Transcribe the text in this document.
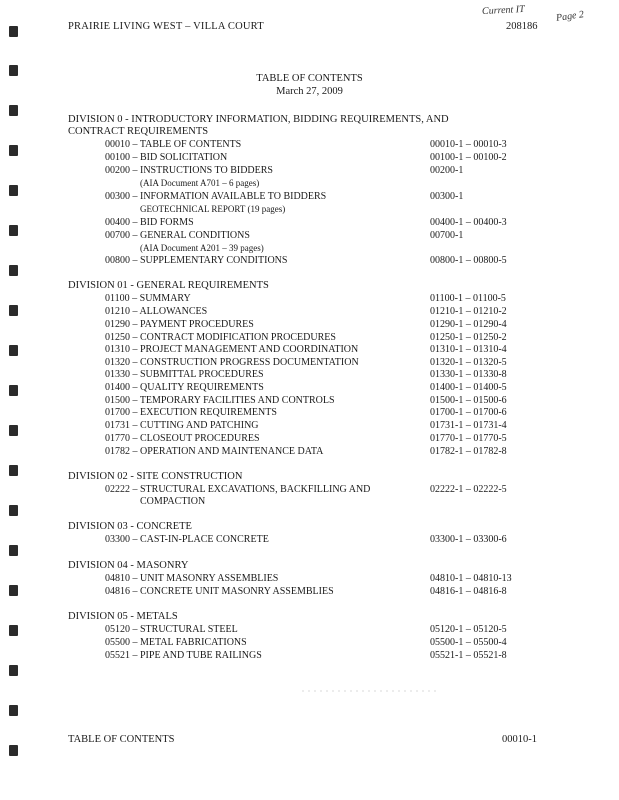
Current IT	Page 2
PRAIRIE LIVING WEST – VILLA COURT	208186
TABLE OF CONTENTS
March 27, 2009
DIVISION 0 - INTRODUCTORY INFORMATION, BIDDING REQUIREMENTS, AND
CONTRACT REQUIREMENTS
00010 – TABLE OF CONTENTS	00010-1 – 00010-3
00100 – BID SOLICITATION	00100-1 – 00100-2
00200 – INSTRUCTIONS TO BIDDERS	00200-1
(AIA Document A701 – 6 pages)
00300 – INFORMATION AVAILABLE TO BIDDERS	00300-1
GEOTECHNICAL REPORT (19 pages)
00400 – BID FORMS	00400-1 – 00400-3
00700 – GENERAL CONDITIONS	00700-1
(AIA Document A201 – 39 pages)
00800 – SUPPLEMENTARY CONDITIONS	00800-1 – 00800-5
DIVISION 01 - GENERAL REQUIREMENTS
01100 – SUMMARY	01100-1 – 01100-5
01210 – ALLOWANCES	01210-1 – 01210-2
01290 – PAYMENT PROCEDURES	01290-1 – 01290-4
01250 – CONTRACT MODIFICATION PROCEDURES	01250-1 – 01250-2
01310 – PROJECT MANAGEMENT AND COORDINATION	01310-1 – 01310-4
01320 – CONSTRUCTION PROGRESS DOCUMENTATION	01320-1 – 01320-5
01330 – SUBMITTAL PROCEDURES	01330-1 – 01330-8
01400 – QUALITY REQUIREMENTS	01400-1 – 01400-5
01500 – TEMPORARY FACILITIES AND CONTROLS	01500-1 – 01500-6
01700 – EXECUTION REQUIREMENTS	01700-1 – 01700-6
01731 – CUTTING AND PATCHING	01731-1 – 01731-4
01770 – CLOSEOUT PROCEDURES	01770-1 – 01770-5
01782 – OPERATION AND MAINTENANCE DATA	01782-1 – 01782-8
DIVISION 02 - SITE CONSTRUCTION
02222 – STRUCTURAL EXCAVATIONS, BACKFILLING AND	02222-1 – 02222-5
COMPACTION
DIVISION 03 - CONCRETE
03300 – CAST-IN-PLACE CONCRETE	03300-1 – 03300-6
DIVISION 04 - MASONRY
04810 – UNIT MASONRY ASSEMBLIES	04810-1 – 04810-13
04816 – CONCRETE UNIT MASONRY ASSEMBLIES	04816-1 – 04816-8
DIVISION 05 - METALS
05120 – STRUCTURAL STEEL	05120-1 – 05120-5
05500 – METAL FABRICATIONS	05500-1 – 05500-4
05521 – PIPE AND TUBE RAILINGS	05521-1 – 05521-8
TABLE OF CONTENTS	00010-1
